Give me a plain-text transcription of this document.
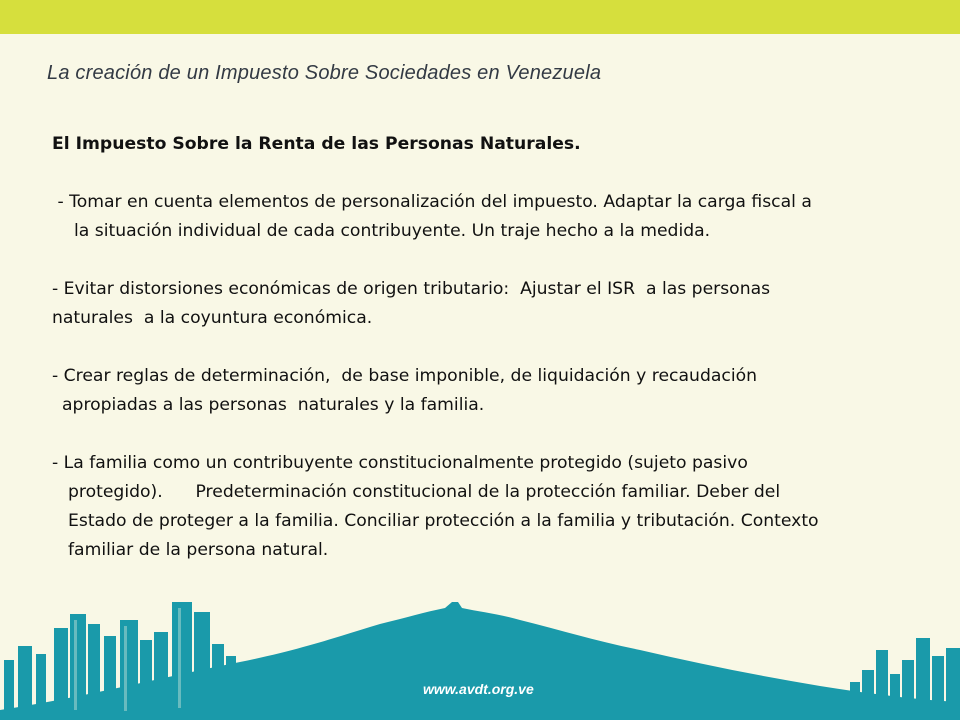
La creación de un Impuesto Sobre Sociedades en Venezuela

El Impuesto Sobre la Renta de las Personas Naturales.

- Tomar en cuenta elementos de personalización del impuesto. Adaptar la carga fiscal a
la situación individual de cada contribuyente. Un traje hecho a la medida.
- Evitar distorsiones económicas de origen tributario:  Ajustar el ISR  a las personas
naturales  a la coyuntura económica.
- Crear reglas de determinación,  de base imponible, de liquidación y recaudación
apropiadas a las personas  naturales y la familia.
- La familia como un contribuyente constitucionalmente protegido (sujeto pasivo
protegido).      Predeterminación constitucional de la protección familiar. Deber del
Estado de proteger a la familia. Conciliar protección a la familia y tributación. Contexto
familiar de la persona natural.
www.avdt.org.ve
